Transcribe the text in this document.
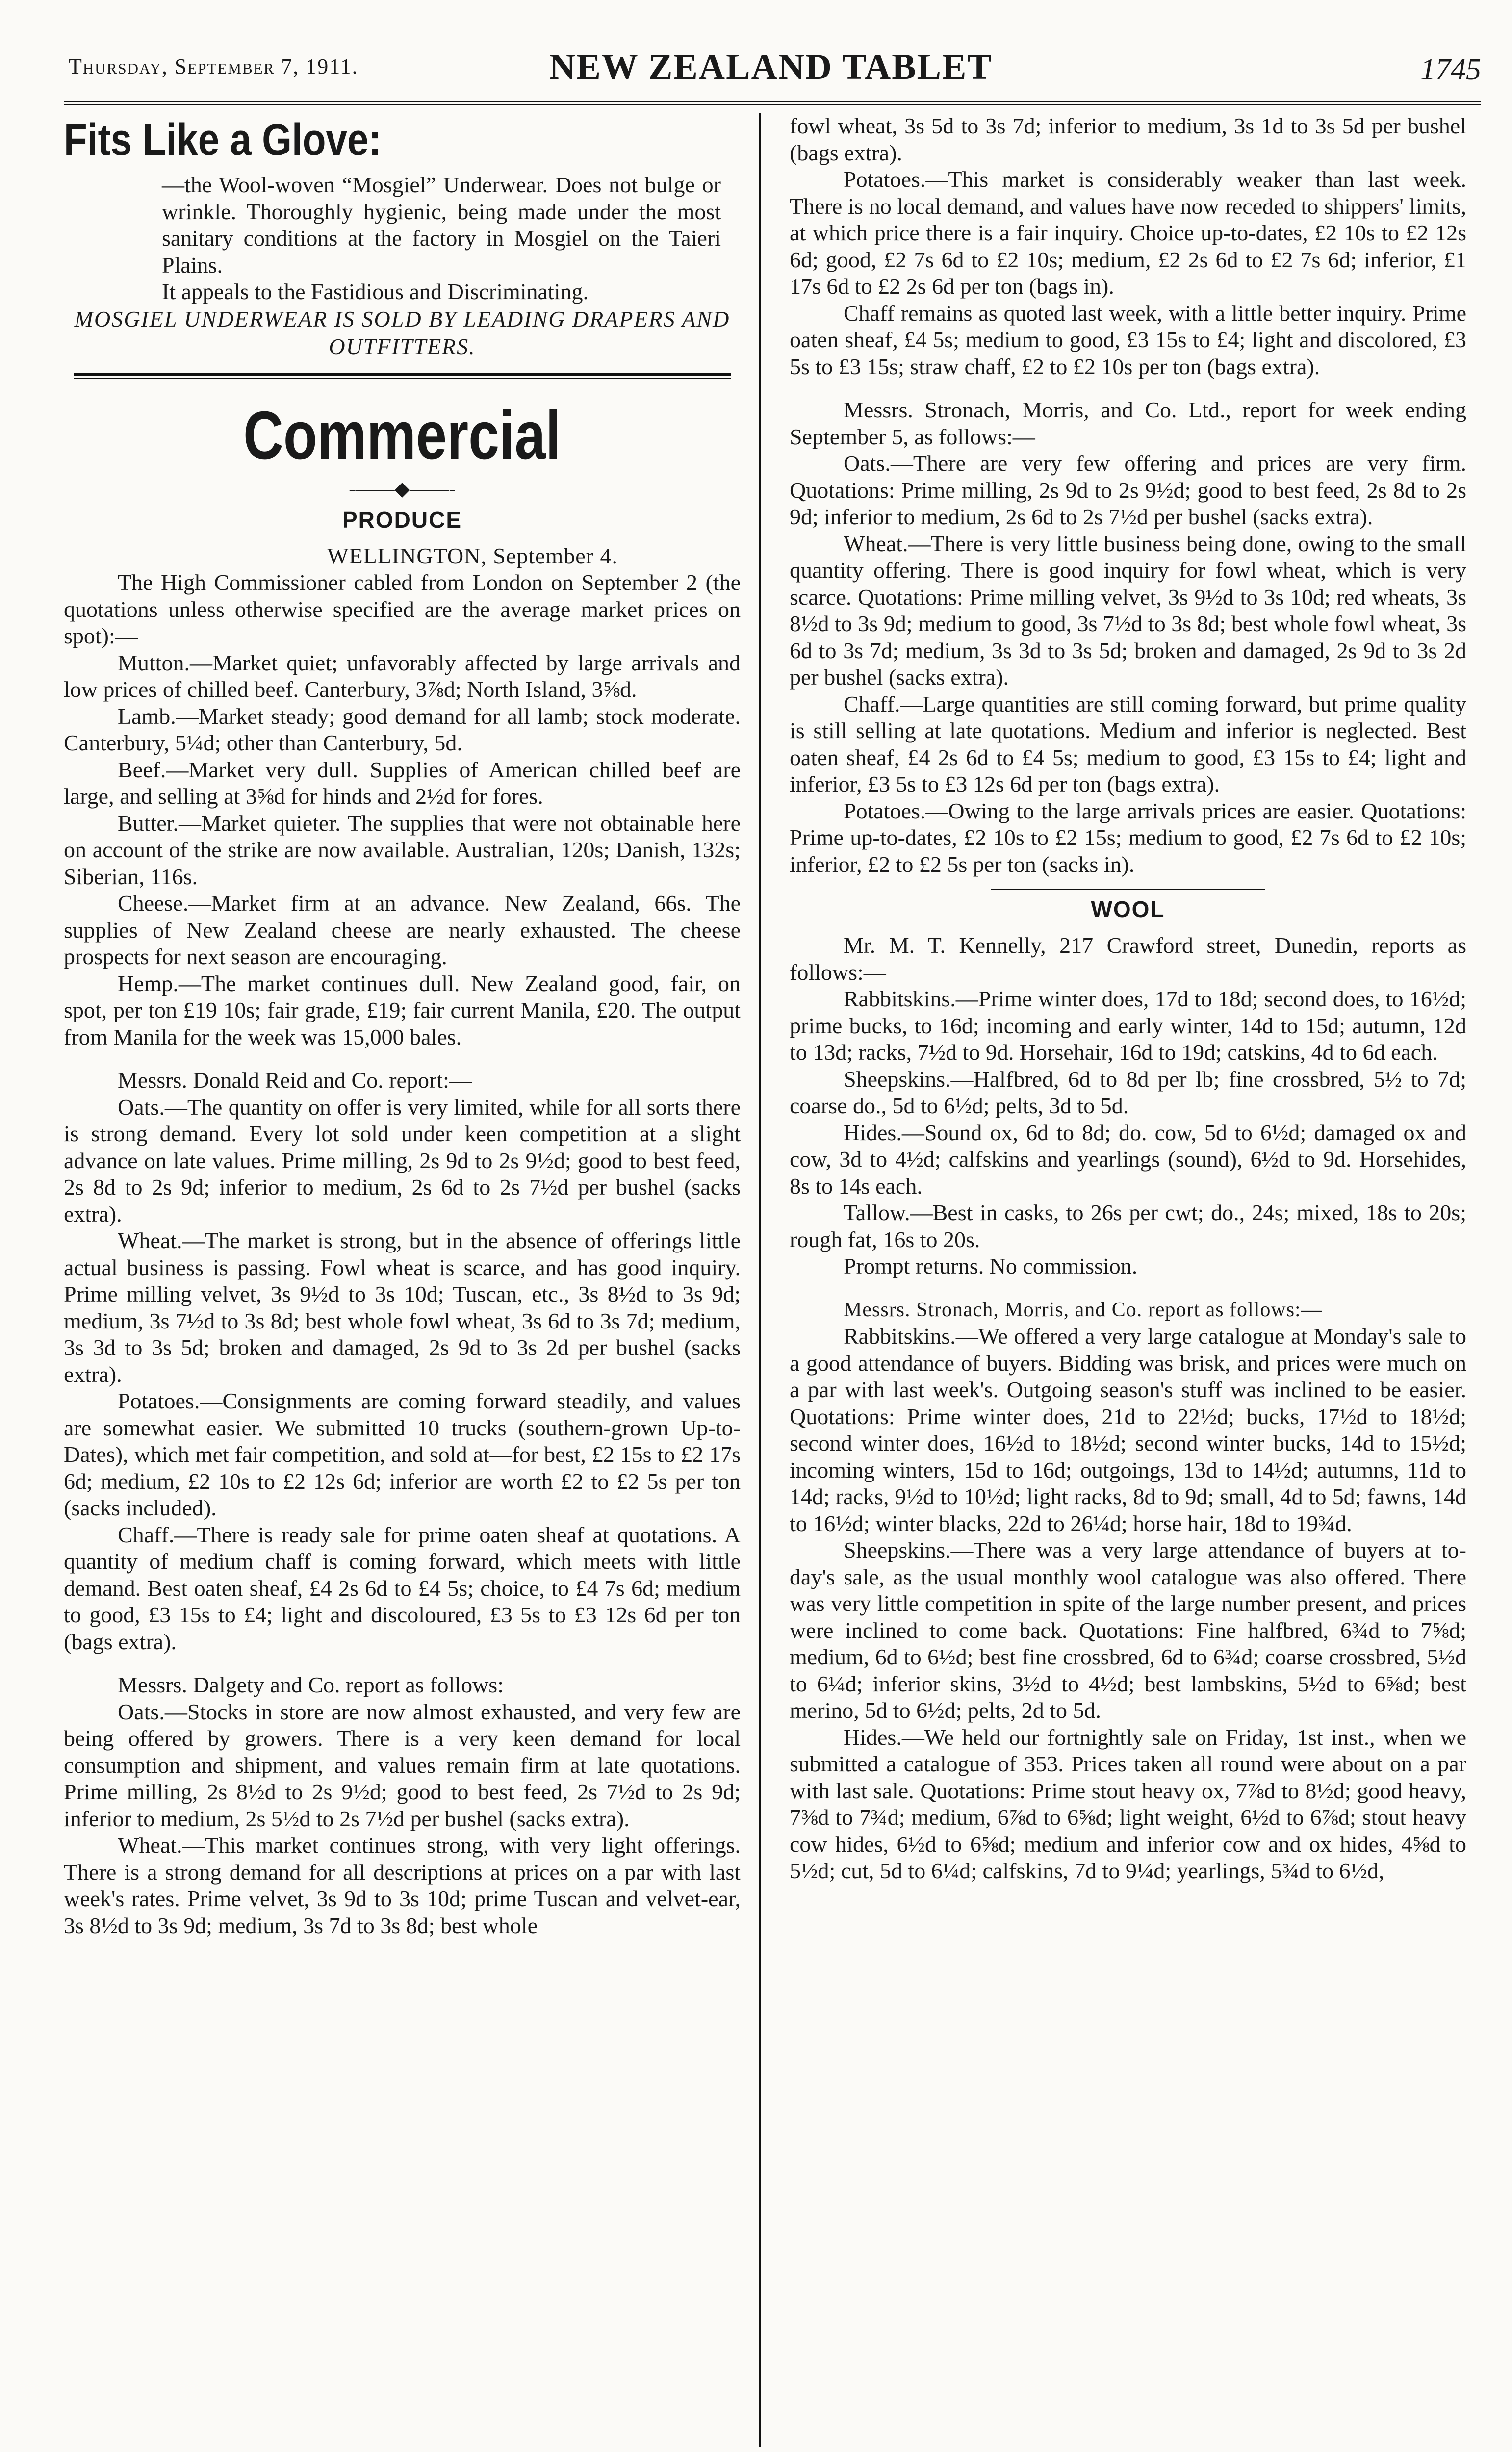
Thursday, September 7, 1911.	NEW ZEALAND TABLET	1745
Fits Like a Glove:

—the Wool-woven “Mosgiel” Underwear. Does not bulge or wrinkle. Thoroughly hygienic, being made under the most sanitary conditions at the factory in Mosgiel on the Taieri Plains.

It appeals to the Fastidious and Discriminating.

MOSGIEL UNDERWEAR IS SOLD BY LEADING DRAPERS AND OUTFITTERS.

Commercial
-——◆——-
PRODUCE

WELLINGTON, September 4.

The High Commissioner cabled from London on September 2 (the quotations unless otherwise specified are the average market prices on spot):—

Mutton.—Market quiet; unfavorably affected by large arrivals and low prices of chilled beef. Canterbury, 3⅞d; North Island, 3⅝d.

Lamb.—Market steady; good demand for all lamb; stock moderate. Canterbury, 5¼d; other than Canterbury, 5d.

Beef.—Market very dull. Supplies of American chilled beef are large, and selling at 3⅝d for hinds and 2½d for fores.

Butter.—Market quieter. The supplies that were not obtainable here on account of the strike are now available. Australian, 120s; Danish, 132s; Siberian, 116s.

Cheese.—Market firm at an advance. New Zealand, 66s. The supplies of New Zealand cheese are nearly exhausted. The cheese prospects for next season are encouraging.

Hemp.—The market continues dull. New Zealand good, fair, on spot, per ton £19 10s; fair grade, £19; fair current Manila, £20. The output from Manila for the week was 15,000 bales.

Messrs. Donald Reid and Co. report:—

Oats.—The quantity on offer is very limited, while for all sorts there is strong demand. Every lot sold under keen competition at a slight advance on late values. Prime milling, 2s 9d to 2s 9½d; good to best feed, 2s 8d to 2s 9d; inferior to medium, 2s 6d to 2s 7½d per bushel (sacks extra).

Wheat.—The market is strong, but in the absence of offerings little actual business is passing. Fowl wheat is scarce, and has good inquiry. Prime milling velvet, 3s 9½d to 3s 10d; Tuscan, etc., 3s 8½d to 3s 9d; medium, 3s 7½d to 3s 8d; best whole fowl wheat, 3s 6d to 3s 7d; medium, 3s 3d to 3s 5d; broken and damaged, 2s 9d to 3s 2d per bushel (sacks extra).

Potatoes.—Consignments are coming forward steadily, and values are somewhat easier. We submitted 10 trucks (southern-grown Up-to-Dates), which met fair competition, and sold at—for best, £2 15s to £2 17s 6d; medium, £2 10s to £2 12s 6d; inferior are worth £2 to £2 5s per ton (sacks included).

Chaff.—There is ready sale for prime oaten sheaf at quotations. A quantity of medium chaff is coming forward, which meets with little demand. Best oaten sheaf, £4 2s 6d to £4 5s; choice, to £4 7s 6d; medium to good, £3 15s to £4; light and discoloured, £3 5s to £3 12s 6d per ton (bags extra).

Messrs. Dalgety and Co. report as follows:

Oats.—Stocks in store are now almost exhausted, and very few are being offered by growers. There is a very keen demand for local consumption and shipment, and values remain firm at late quotations. Prime milling, 2s 8½d to 2s 9½d; good to best feed, 2s 7½d to 2s 9d; inferior to medium, 2s 5½d to 2s 7½d per bushel (sacks extra).

Wheat.—This market continues strong, with very light offerings. There is a strong demand for all descriptions at prices on a par with last week's rates. Prime velvet, 3s 9d to 3s 10d; prime Tuscan and velvet-ear, 3s 8½d to 3s 9d; medium, 3s 7d to 3s 8d; best whole

fowl wheat, 3s 5d to 3s 7d; inferior to medium, 3s 1d to 3s 5d per bushel (bags extra).

Potatoes.—This market is considerably weaker than last week. There is no local demand, and values have now receded to shippers' limits, at which price there is a fair inquiry. Choice up-to-dates, £2 10s to £2 12s 6d; good, £2 7s 6d to £2 10s; medium, £2 2s 6d to £2 7s 6d; inferior, £1 17s 6d to £2 2s 6d per ton (bags in).

Chaff remains as quoted last week, with a little better inquiry. Prime oaten sheaf, £4 5s; medium to good, £3 15s to £4; light and discolored, £3 5s to £3 15s; straw chaff, £2 to £2 10s per ton (bags extra).

Messrs. Stronach, Morris, and Co. Ltd., report for week ending September 5, as follows:—

Oats.—There are very few offering and prices are very firm. Quotations: Prime milling, 2s 9d to 2s 9½d; good to best feed, 2s 8d to 2s 9d; inferior to medium, 2s 6d to 2s 7½d per bushel (sacks extra).

Wheat.—There is very little business being done, owing to the small quantity offering. There is good inquiry for fowl wheat, which is very scarce. Quotations: Prime milling velvet, 3s 9½d to 3s 10d; red wheats, 3s 8½d to 3s 9d; medium to good, 3s 7½d to 3s 8d; best whole fowl wheat, 3s 6d to 3s 7d; medium, 3s 3d to 3s 5d; broken and damaged, 2s 9d to 3s 2d per bushel (sacks extra).

Chaff.—Large quantities are still coming forward, but prime quality is still selling at late quotations. Medium and inferior is neglected. Best oaten sheaf, £4 2s 6d to £4 5s; medium to good, £3 15s to £4; light and inferior, £3 5s to £3 12s 6d per ton (bags extra).

Potatoes.—Owing to the large arrivals prices are easier. Quotations: Prime up-to-dates, £2 10s to £2 15s; medium to good, £2 7s 6d to £2 10s; inferior, £2 to £2 5s per ton (sacks in).

WOOL

Mr. M. T. Kennelly, 217 Crawford street, Dunedin, reports as follows:—

Rabbitskins.—Prime winter does, 17d to 18d; second does, to 16½d; prime bucks, to 16d; incoming and early winter, 14d to 15d; autumn, 12d to 13d; racks, 7½d to 9d. Horsehair, 16d to 19d; catskins, 4d to 6d each.

Sheepskins.—Halfbred, 6d to 8d per lb; fine crossbred, 5½ to 7d; coarse do., 5d to 6½d; pelts, 3d to 5d.

Hides.—Sound ox, 6d to 8d; do. cow, 5d to 6½d; damaged ox and cow, 3d to 4½d; calfskins and yearlings (sound), 6½d to 9d. Horsehides, 8s to 14s each.

Tallow.—Best in casks, to 26s per cwt; do., 24s; mixed, 18s to 20s; rough fat, 16s to 20s.

Prompt returns. No commission.

Messrs. Stronach, Morris, and Co. report as follows:—

Rabbitskins.—We offered a very large catalogue at Monday's sale to a good attendance of buyers. Bidding was brisk, and prices were much on a par with last week's. Outgoing season's stuff was inclined to be easier. Quotations: Prime winter does, 21d to 22½d; bucks, 17½d to 18½d; second winter does, 16½d to 18½d; second winter bucks, 14d to 15½d; incoming winters, 15d to 16d; outgoings, 13d to 14½d; autumns, 11d to 14d; racks, 9½d to 10½d; light racks, 8d to 9d; small, 4d to 5d; fawns, 14d to 16½d; winter blacks, 22d to 26¼d; horse hair, 18d to 19¾d.

Sheepskins.—There was a very large attendance of buyers at to-day's sale, as the usual monthly wool catalogue was also offered. There was very little competition in spite of the large number present, and prices were inclined to come back. Quotations: Fine halfbred, 6¾d to 7⅝d; medium, 6d to 6½d; best fine crossbred, 6d to 6¾d; coarse crossbred, 5½d to 6¼d; inferior skins, 3½d to 4½d; best lambskins, 5½d to 6⅝d; best merino, 5d to 6½d; pelts, 2d to 5d.

Hides.—We held our fortnightly sale on Friday, 1st inst., when we submitted a catalogue of 353. Prices taken all round were about on a par with last sale. Quotations: Prime stout heavy ox, 7⅞d to 8½d; good heavy, 7⅜d to 7¾d; medium, 6⅞d to 6⅝d; light weight, 6½d to 6⅞d; stout heavy cow hides, 6½d to 6⅝d; medium and inferior cow and ox hides, 4⅝d to 5½d; cut, 5d to 6¼d; calfskins, 7d to 9¼d; yearlings, 5¾d to 6½d,
